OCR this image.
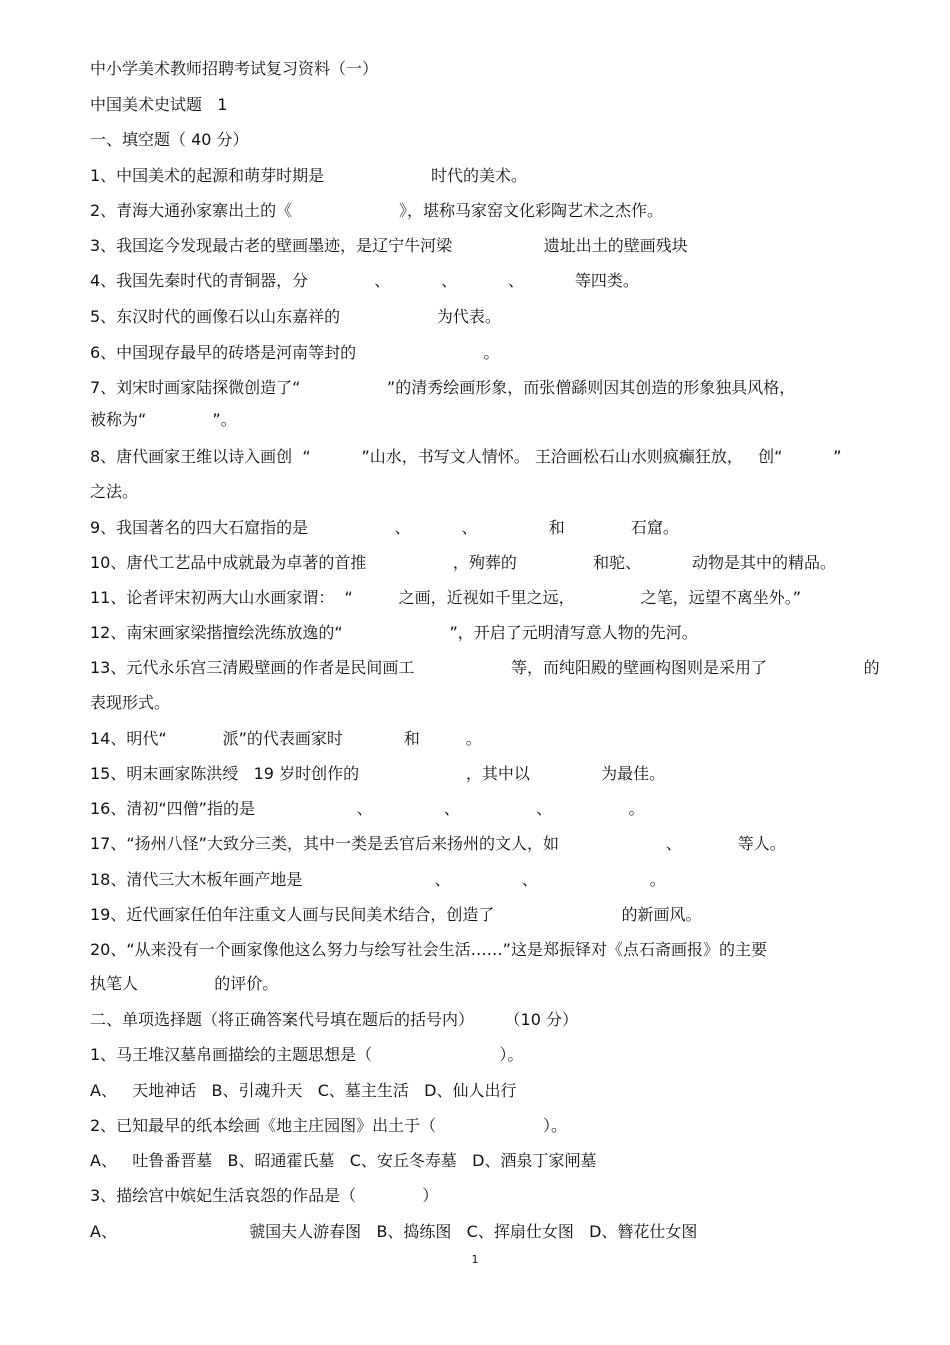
中小学美术教师招聘考试复习资料（一）

中国美术史试题   1

一、填空题（ 40 分）

1、中国美术的起源和萌芽时期是                     时代的美术。

2、青海大通孙家寨出土的《                     》，堪称马家窑文化彩陶艺术之杰作。

3、我国迄今发现最古老的壁画墨迹，是辽宁牛河梁                  遗址出土的壁画残块

4、我国先秦时代的青铜器，分             、          、          、          等四类。

5、东汉时代的画像石以山东嘉祥的                   为代表。

6、中国现存最早的砖塔是河南等封的                         。

7、刘宋时画家陆探微创造了“                 ”的清秀绘画形象，而张僧繇则因其创造的形象独具风格，

被称为“             ”。

8、唐代画家王维以诗入画创  “          ”山水，书写文人情怀。 王洽画松石山水则疯癫狂放，   创“          ”

之法。

9、我国著名的四大石窟指的是                 、          、              和             石窟。

10、唐代工艺品中成就最为卓著的首推                 ，殉葬的               和驼、          动物是其中的精品。

11、论者评宋初两大山水画家谓：  “         之画，近视如千里之远，             之笔，远望不离坐外。”

12、南宋画家梁揩擅绘洗练放逸的“                     ”，开启了元明清写意人物的先河。

13、元代永乐宫三清殿壁画的作者是民间画工                   等，而纯阳殿的壁画构图则是采用了                   的

表现形式。

14、明代“           派”的代表画家时            和         。

15、明末画家陈洪绶   19 岁时创作的                     ，其中以              为最佳。

16、清初“四僧”指的是                    、              、               、               。

17、“扬州八怪”大致分三类，其中一类是丢官后来扬州的文人，如                     、           等人。

18、清代三大木板年画产地是                          、              、                      。

19、近代画家任伯年注重文人画与民间美术结合，创造了                         的新画风。

20、“从来没有一个画家像他这么努力与绘写社会生活……”这是郑振铎对《点石斋画报》的主要

执笔人               的评价。

二、单项选择题（将正确答案代号填在题后的括号内）      （10 分）

1、马王堆汉墓帛画描绘的主题思想是（                         ）。

A、   天地神话   B、引魂升天   C、墓主生活   D、仙人出行

2、已知最早的纸本绘画《地主庄园图》出土于（                     ）。

A、   吐鲁番晋墓   B、昭通霍氏墓   C、安丘冬寿墓   D、酒泉丁家闸墓

3、描绘宫中嫔妃生活哀怨的作品是（             ）

A、                          虢国夫人游春图   B、捣练图   C、挥扇仕女图   D、簪花仕女图

1
